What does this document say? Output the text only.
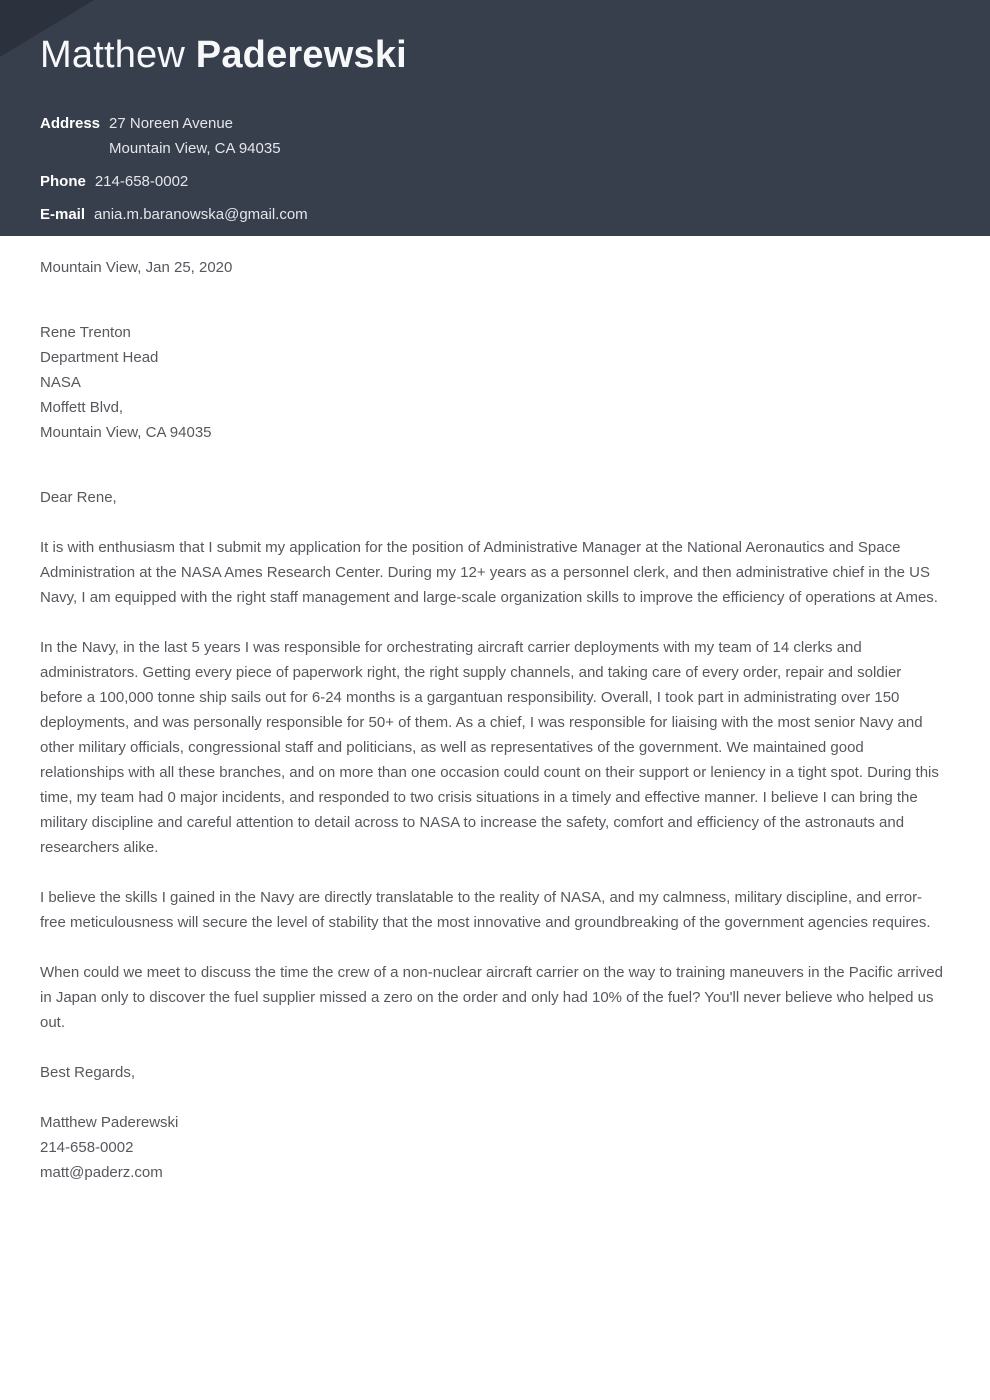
Matthew Paderewski
Address 27 Noreen Avenue
Mountain View, CA 94035
Phone 214-658-0002
E-mail ania.m.baranowska@gmail.com

Mountain View, Jan 25, 2020

Rene Trenton
Department Head
NASA
Moffett Blvd,
Mountain View, CA 94035

Dear Rene,

It is with enthusiasm that I submit my application for the position of Administrative Manager at the National Aeronautics and Space Administration at the NASA Ames Research Center. During my 12+ years as a personnel clerk, and then administrative chief in the US Navy, I am equipped with the right staff management and large-scale organization skills to improve the efficiency of operations at Ames.

In the Navy, in the last 5 years I was responsible for orchestrating aircraft carrier deployments with my team of 14 clerks and administrators. Getting every piece of paperwork right, the right supply channels, and taking care of every order, repair and soldier before a 100,000 tonne ship sails out for 6-24 months is a gargantuan responsibility. Overall, I took part in administrating over 150 deployments, and was personally responsible for 50+ of them. As a chief, I was responsible for liaising with the most senior Navy and other military officials, congressional staff and politicians, as well as representatives of the government. We maintained good relationships with all these branches, and on more than one occasion could count on their support or leniency in a tight spot. During this time, my team had 0 major incidents, and responded to two crisis situations in a timely and effective manner. I believe I can bring the military discipline and careful attention to detail across to NASA to increase the safety, comfort and efficiency of the astronauts and researchers alike.

I believe the skills I gained in the Navy are directly translatable to the reality of NASA, and my calmness, military discipline, and error-free meticulousness will secure the level of stability that the most innovative and groundbreaking of the government agencies requires.

When could we meet to discuss the time the crew of a non-nuclear aircraft carrier on the way to training maneuvers in the Pacific arrived in Japan only to discover the fuel supplier missed a zero on the order and only had 10% of the fuel? You'll never believe who helped us out.

Best Regards,

Matthew Paderewski
214-658-0002
matt@paderz.com
